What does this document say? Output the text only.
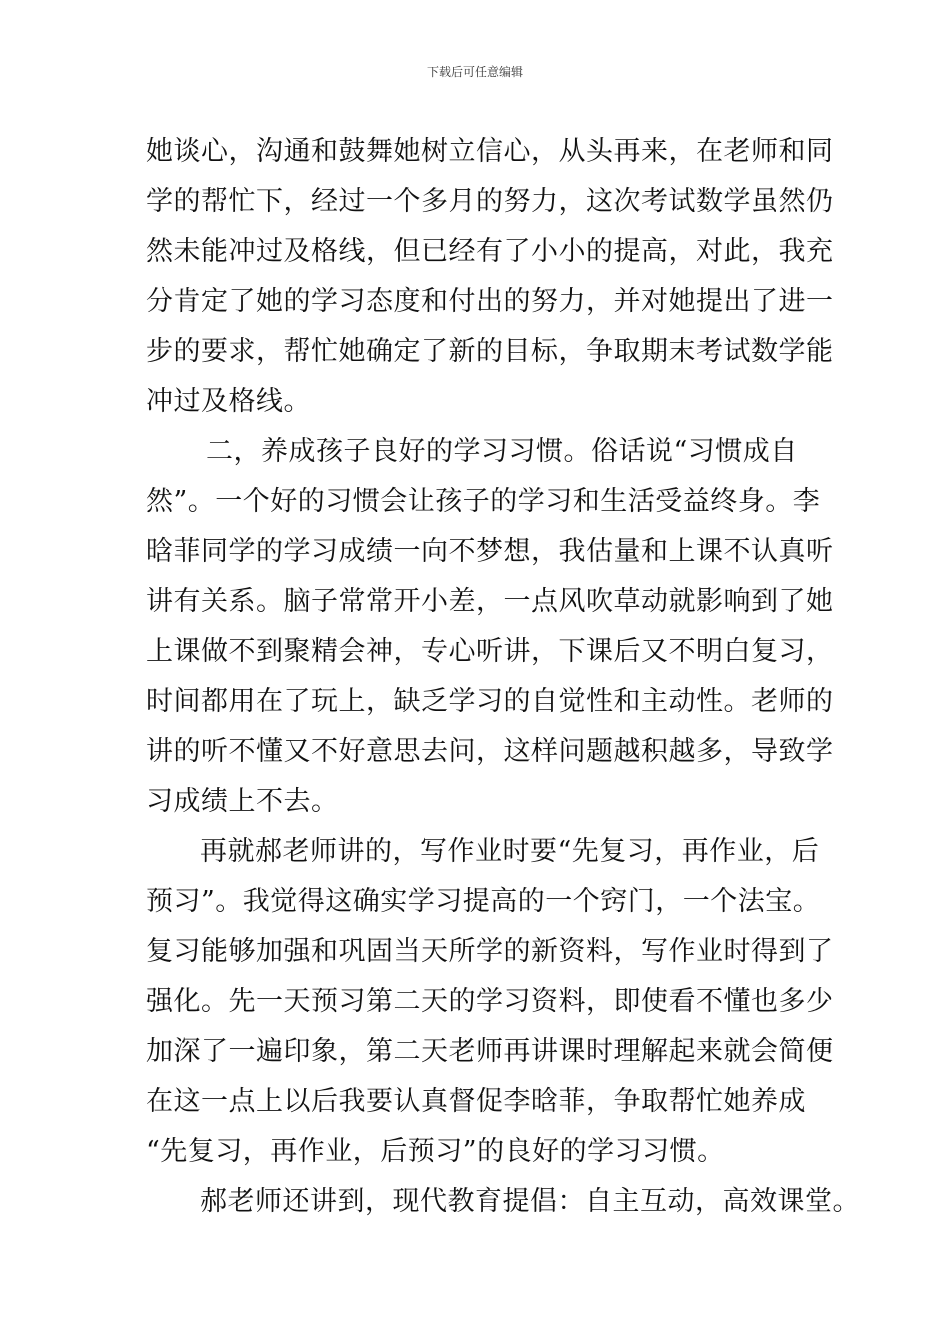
下载后可任意编辑
她谈心，沟通和鼓舞她树立信心，从头再来，在老师和同
学的帮忙下，经过一个多月的努力，这次考试数学虽然仍
然未能冲过及格线，但已经有了小小的提高，对此，我充
分肯定了她的学习态度和付出的努力，并对她提出了进一
步的要求，帮忙她确定了新的目标，争取期末考试数学能
冲过及格线。
二，养成孩子良好的学习习惯。俗话说“习惯成自
然”。一个好的习惯会让孩子的学习和生活受益终身。李
晗菲同学的学习成绩一向不梦想，我估量和上课不认真听
讲有关系。脑子常常开小差，一点风吹草动就影响到了她
上课做不到聚精会神，专心听讲，下课后又不明白复习，
时间都用在了玩上，缺乏学习的自觉性和主动性。老师的
讲的听不懂又不好意思去问，这样问题越积越多，导致学
习成绩上不去。
再就郝老师讲的，写作业时要“先复习，再作业，后
预习”。我觉得这确实学习提高的一个窍门，一个法宝。
复习能够加强和巩固当天所学的新资料，写作业时得到了
强化。先一天预习第二天的学习资料，即使看不懂也多少
加深了一遍印象，第二天老师再讲课时理解起来就会简便
在这一点上以后我要认真督促李晗菲，争取帮忙她养成
“先复习，再作业，后预习”的良好的学习习惯。
郝老师还讲到，现代教育提倡：自主互动，高效课堂。
